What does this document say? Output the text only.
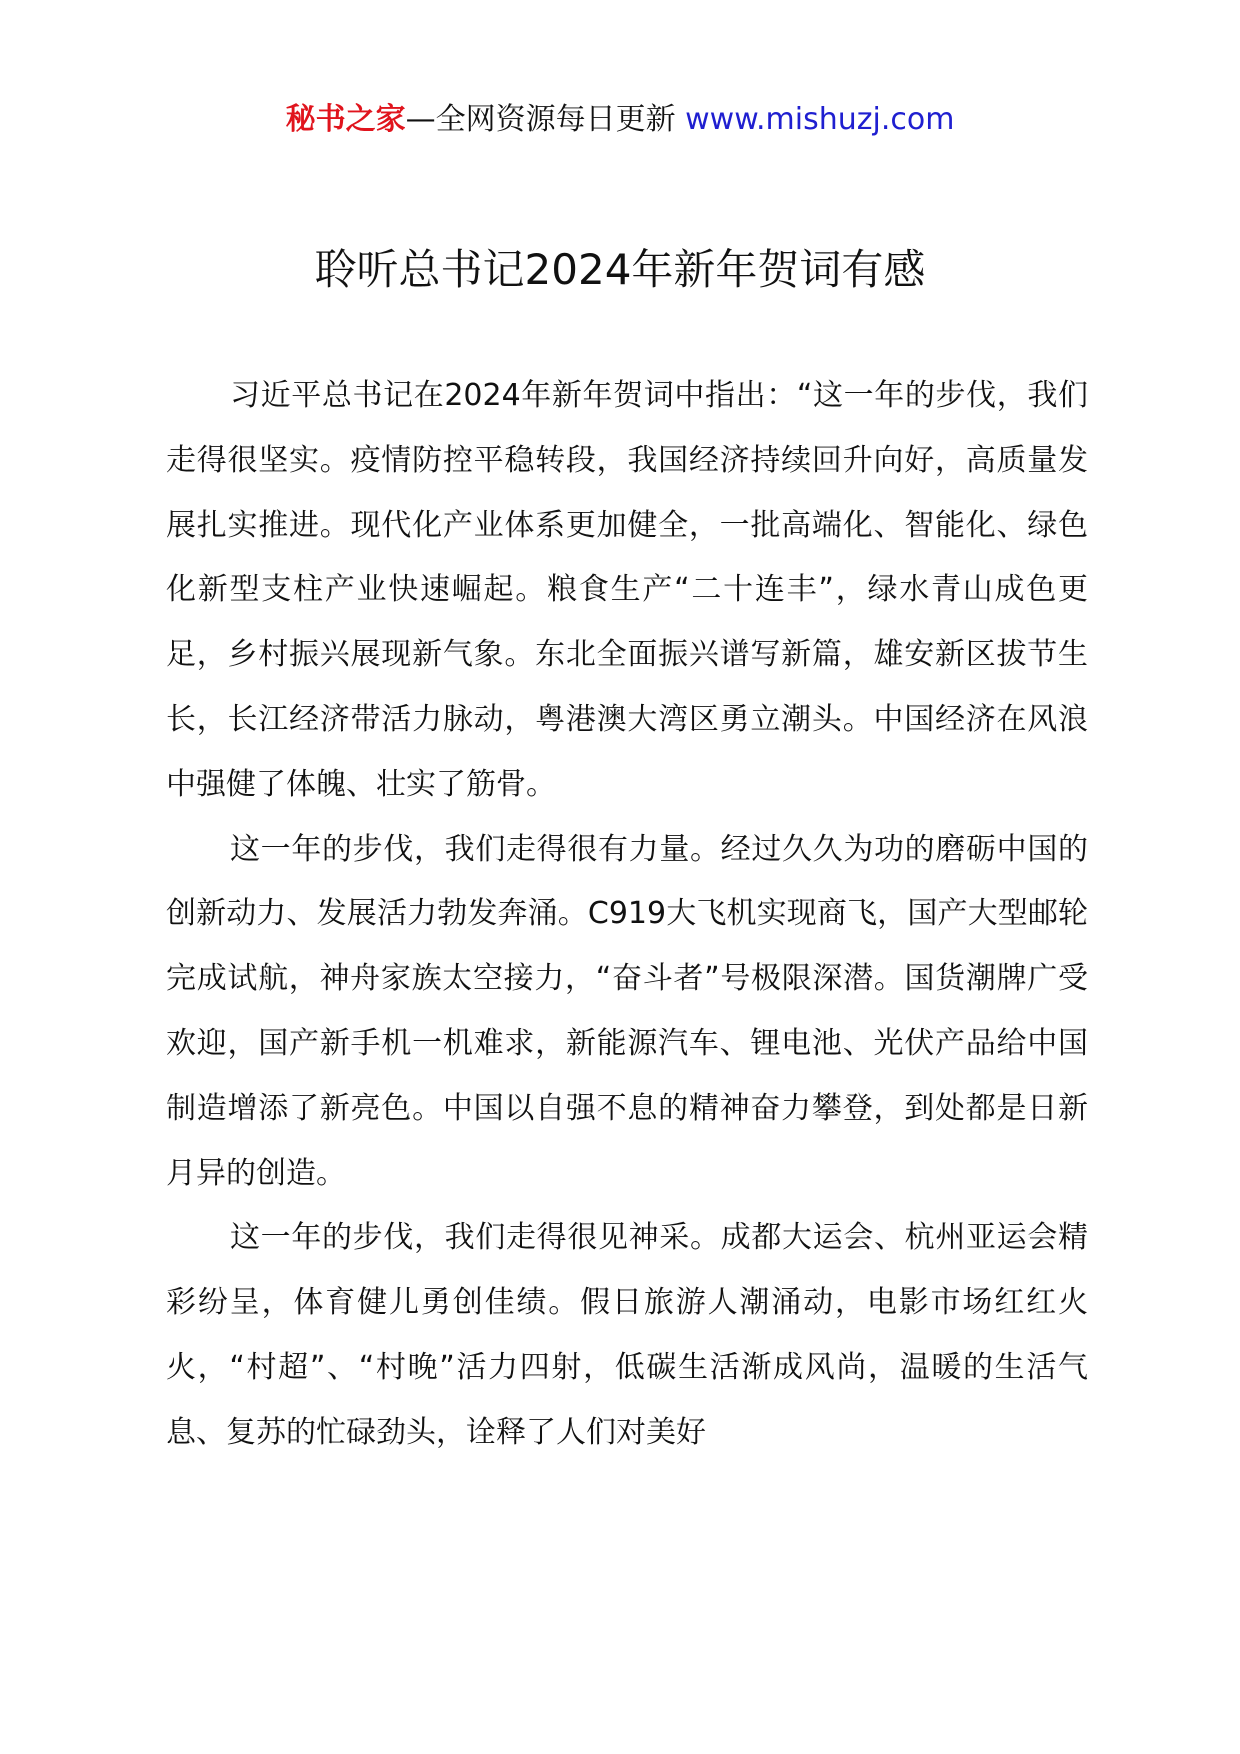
秘书之家—全网资源每日更新 www.mishuzj.com
聆听总书记2024年新年贺词有感

习近平总书记在2024年新年贺词中指出：“这一年的步伐，我们走得很坚实。疫情防控平稳转段，我国经济持续回升向好，高质量发展扎实推进。现代化产业体系更加健全，一批高端化、智能化、绿色化新型支柱产业快速崛起。粮食生产“二十连丰”，绿水青山成色更足，乡村振兴展现新气象。东北全面振兴谱写新篇，雄安新区拔节生长，长江经济带活力脉动，粤港澳大湾区勇立潮头。中国经济在风浪中强健了体魄、壮实了筋骨。

这一年的步伐，我们走得很有力量。经过久久为功的磨砺中国的创新动力、发展活力勃发奔涌。C919大飞机实现商飞，国产大型邮轮完成试航，神舟家族太空接力，“奋斗者”号极限深潜。国货潮牌广受欢迎，国产新手机一机难求，新能源汽车、锂电池、光伏产品给中国制造增添了新亮色。中国以自强不息的精神奋力攀登，到处都是日新月异的创造。

这一年的步伐，我们走得很见神采。成都大运会、杭州亚运会精彩纷呈，体育健儿勇创佳绩。假日旅游人潮涌动，电影市场红红火火，“村超”、“村晚”活力四射，低碳生活渐成风尚，温暖的生活气息、复苏的忙碌劲头，诠释了人们对美好
